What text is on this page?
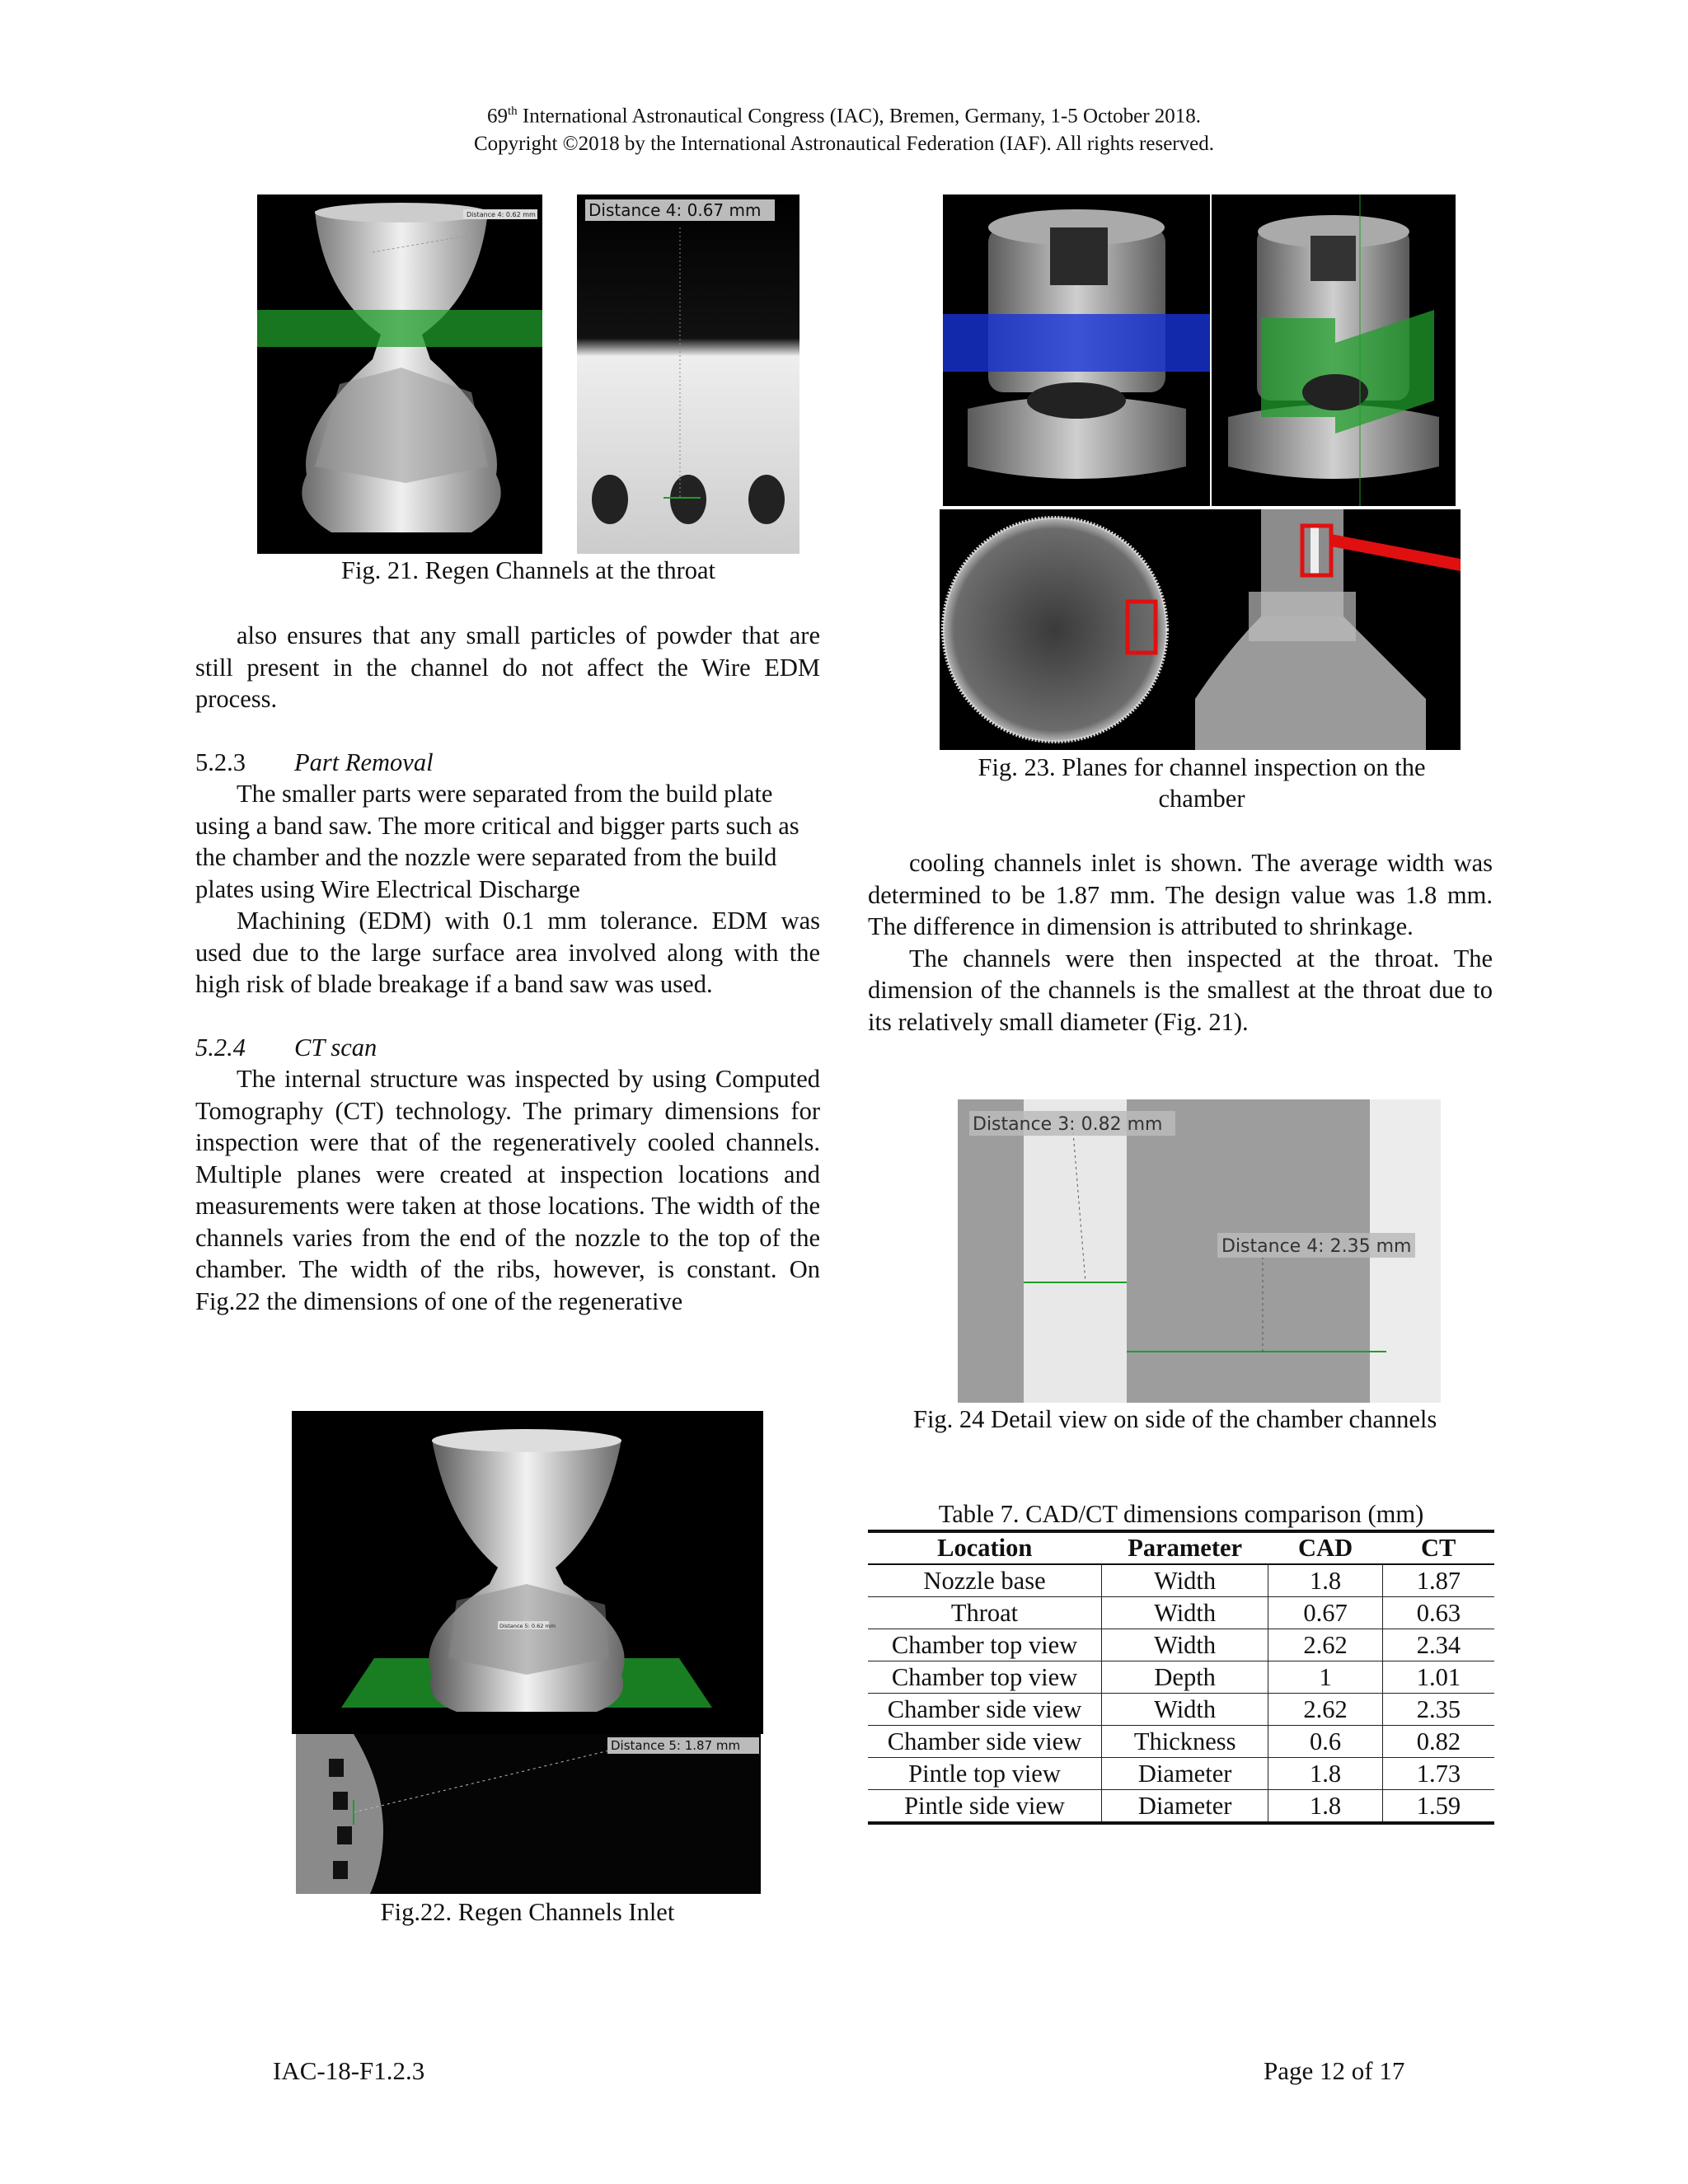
69th International Astronautical Congress (IAC), Bremen, Germany, 1-5 October 2018.
Copyright ©2018 by the International Astronautical Federation (IAF). All rights reserved.
Distance 4: 0.62 mm	Distance 4: 0.67 mm
Fig. 21. Regen Channels at the throat
also ensures that any small particles of powder that are still present in the channel do not affect the Wire EDM process.
5.2.3 Part Removal
The smaller parts were separated from the build plate using a band saw. The more critical and bigger parts such as the chamber and the nozzle were separated from the build plates using Wire Electrical Discharge
Machining (EDM) with 0.1 mm tolerance. EDM was used due to the large surface area involved along with the high risk of blade breakage if a band saw was used.
5.2.4 CT scan
The internal structure was inspected by using Computed Tomography (CT) technology. The primary dimensions for inspection were that of the regeneratively cooled channels. Multiple planes were created at inspection locations and measurements were taken at those locations. The width of the channels varies from the end of the nozzle to the top of the chamber. The width of the ribs, however, is constant. On Fig.22 the dimensions of one of the regenerative
Distance 5: 0.62 mm
Distance 5: 1.87 mm
Fig.22. Regen Channels Inlet
Fig. 23. Planes for channel inspection on the
chamber
cooling channels inlet is shown. The average width was determined to be 1.87 mm. The design value was 1.8 mm. The difference in dimension is attributed to shrinkage.
The channels were then inspected at the throat. The dimension of the channels is the smallest at the throat due to its relatively small diameter (Fig. 21).
Distance 3: 0.82 mm
Distance 4: 2.35 mm
Fig. 24 Detail view on side of the chamber channels
Table 7. CAD/CT dimensions comparison (mm)
Location	Parameter	CAD	CT
Nozzle base	Width	1.8	1.87
Throat	Width	0.67	0.63
Chamber top view	Width	2.62	2.34
Chamber top view	Depth	1	1.01
Chamber side view	Width	2.62	2.35
Chamber side view	Thickness	0.6	0.82
Pintle top view	Diameter	1.8	1.73
Pintle side view	Diameter	1.8	1.59
IAC-18-F1.2.3	Page 12 of 17
